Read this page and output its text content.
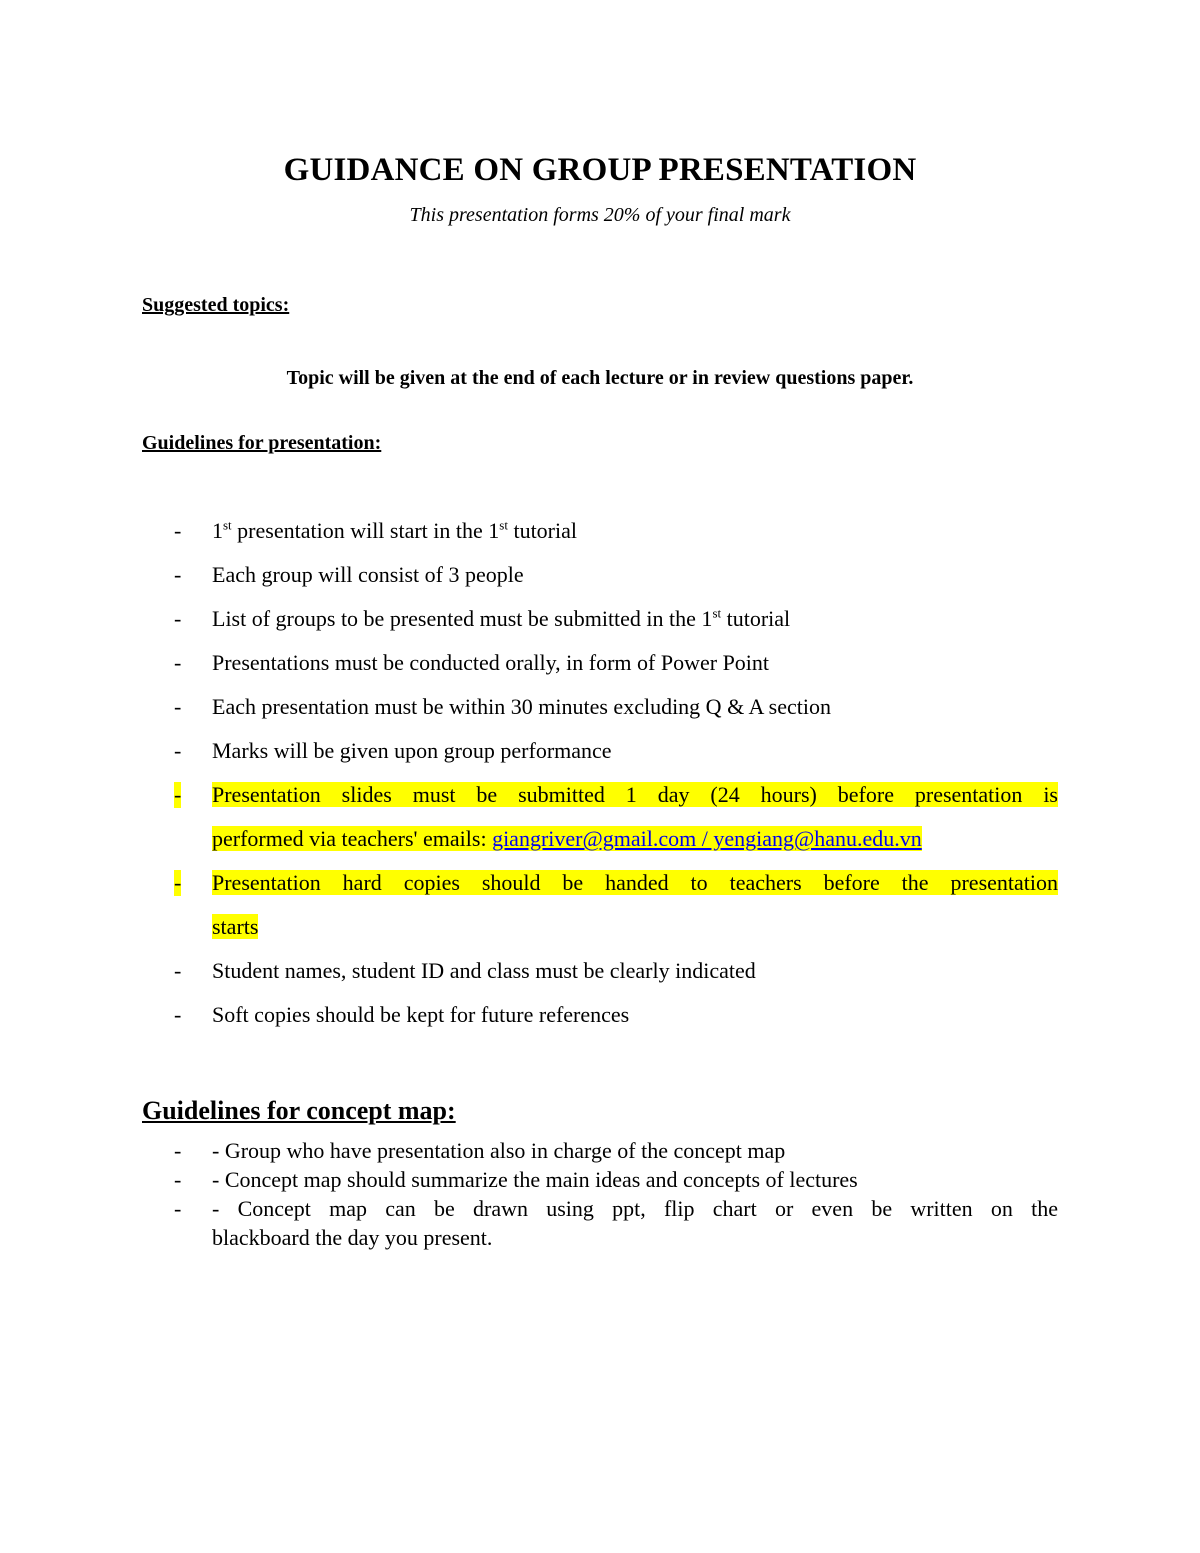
GUIDANCE ON GROUP PRESENTATION
This presentation forms 20% of your final mark
Suggested topics:
Topic will be given at the end of each lecture or in review questions paper.
Guidelines for presentation:
- 1st presentation will start in the 1st tutorial
- Each group will consist of 3 people
- List of groups to be presented must be submitted in the 1st tutorial
- Presentations must be conducted orally, in form of Power Point
- Each presentation must be within 30 minutes excluding Q & A section
- Marks will be given upon group performance
- Presentation slides must be submitted 1 day (24 hours) before presentation is
performed via teachers' emails: giangriver@gmail.com / yengiang@hanu.edu.vn
- Presentation hard copies should be handed to teachers before the presentation
starts
- Student names, student ID and class must be clearly indicated
- Soft copies should be kept for future references
Guidelines for concept map:
- - Group who have presentation also in charge of the concept map
- - Concept map should summarize the main ideas and concepts of lectures
- - Concept map can be drawn using ppt, flip chart or even be written on the
blackboard the day you present.
